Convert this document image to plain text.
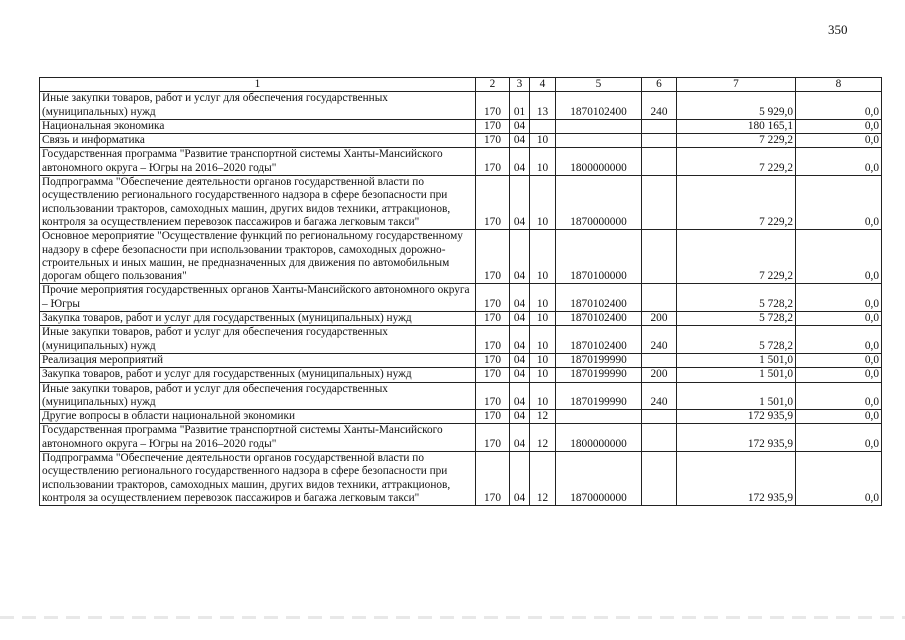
350
1	2	3	4	5	6	7	8
Иные закупки товаров, работ и услуг для обеспечения государственных (муниципальных) нужд	170	01	13	1870102400	240	5 929,0	0,0
Национальная экономика	170	04				180 165,1	0,0
Связь и информатика	170	04	10			7 229,2	0,0
Государственная программа "Развитие транспортной системы Ханты-Мансийского автономного округа – Югры на 2016–2020 годы"	170	04	10	1800000000		7 229,2	0,0
Подпрограмма "Обеспечение деятельности органов государственной власти по осуществлению регионального государственного надзора в сфере безопасности при использовании тракторов, самоходных машин, других видов техники, аттракционов, контроля за осуществлением перевозок пассажиров и багажа легковым такси"	170	04	10	1870000000		7 229,2	0,0
Основное мероприятие "Осуществление функций по региональному государственному надзору в сфере безопасности при использовании тракторов, самоходных дорожно-строительных и иных машин, не предназначенных для движения по автомобильным дорогам общего пользования"	170	04	10	1870100000		7 229,2	0,0
Прочие мероприятия государственных органов Ханты-Мансийского автономного округа – Югры	170	04	10	1870102400		5 728,2	0,0
Закупка товаров, работ и услуг для государственных (муниципальных) нужд	170	04	10	1870102400	200	5 728,2	0,0
Иные закупки товаров, работ и услуг для обеспечения государственных (муниципальных) нужд	170	04	10	1870102400	240	5 728,2	0,0
Реализация мероприятий	170	04	10	1870199990		1 501,0	0,0
Закупка товаров, работ и услуг для государственных (муниципальных) нужд	170	04	10	1870199990	200	1 501,0	0,0
Иные закупки товаров, работ и услуг для обеспечения государственных (муниципальных) нужд	170	04	10	1870199990	240	1 501,0	0,0
Другие вопросы в области национальной экономики	170	04	12			172 935,9	0,0
Государственная программа "Развитие транспортной системы Ханты-Мансийского автономного округа – Югры на 2016–2020 годы"	170	04	12	1800000000		172 935,9	0,0
Подпрограмма "Обеспечение деятельности органов государственной власти по осуществлению регионального государственного надзора в сфере безопасности при использовании тракторов, самоходных машин, других видов техники, аттракционов, контроля за осуществлением перевозок пассажиров и багажа легковым такси"	170	04	12	1870000000		172 935,9	0,0
